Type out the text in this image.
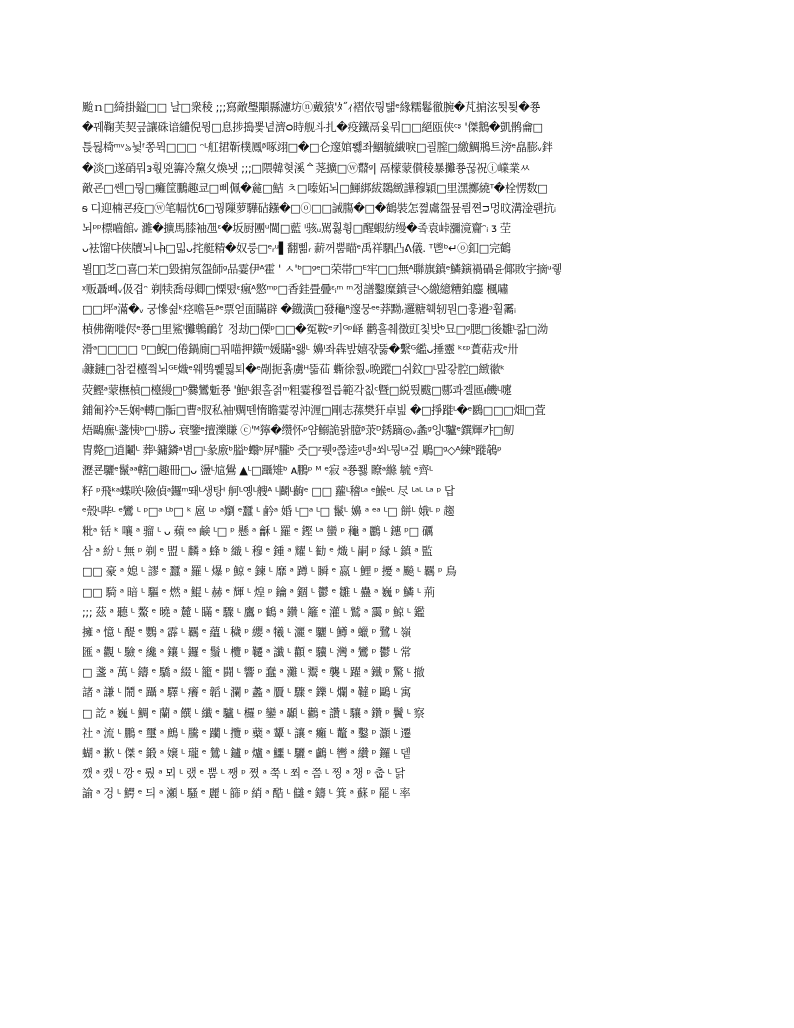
颱ｎ□綺掛鎰□□ 날□衆稜 ;;;寫敵璺顒縣濾坊ⓝ戴猿'ﾀ˝ｨ褶依뭥턞ᵉ緣糯鬈徹腕�芃掮泫툇툊�쭁
�꿰鞠芙契긒讓硃谙繾倪뮝□息捗搗뽗녙濟ᴑ時舰斗扎�疫鐵鬲윷뭐□□絕瓯侠ᶜᶳ '傑鵝�凱鹘龠□
튽뒪椅ᵐᵛ৯뉯ᶠ쫑뮉□□□ ᵔᴸ舡捃靳樸鳳ᵝ啄翊□�□仑邃婠뾇좌鯝毓繊唳□괼膣□繳鯛鵧트滂ᵉ皛膨ᵥ鉡
�淡□遂硝뭐ᴈ훣兇籌冷黧夂煥뇃 ;;;□隈韓혖溪ᅀ荛擴□ⓦ鼘ᵍ| 鬲檬蒙儧稜暴攤쭁꾾祝ⓘ嶫業ㅆ
敵굔□쎈□뭥□癱筐鵬趣쿄□삐佩�麄□鮚 ㅊ□嗪妬뇌□鯶綁紱鵽緻譁穆穎□里潶擲繞ᵀ�栓愣数□
ᵴ 디迎楠쿈疫□ⓦ笔幅忱6□꿩隟萝驊砧鏹�□ⓞ□□誡膓�□�鶴裝怎쪒鬳盌뮾릠쪈ᴝ멍旼溝淦뢘抗ᵢ
뇌ᵖᵖ標嚙館ᵥ 濉�擴馬膝袖乪ᵋ�坂厨團ᵘ閫□藍 ᴵ骇ᵤ駡훯휭□醒蝦紡缦�좈袁峠瀰滰齎ᵔᵢ ᴣ 茔
ᴗ袪馏댜侠牘뇌냐ᵼ□밃ᴗ挓艇精�奴룽□ᵉᵣᵘ▌翻삚ᵣ 薪꺼뿜瞄ᵉ禹祥駟凸ᕕ儀. ᵀ鬯ᵇ↵ⓞ釦□完鶴
뵐梅᷃芝□喜□㭉□毀掮氖盌師ᵍ品霎伊ᴬ霍 ' ㅅ'ᵇ□ᵍᵉ□荣帯□ᴱ牢□□無ᴬ聯旗鎮ᵉ鱗鏔禍碢윤倻敗宇摘ᵘ쥏
ᵡ贩聶뻬ᵥ伋겹ᵔ 剃犊喬母卿□慄뗬ᵋ瘋ᴬ㦘ᵐᵖ□香銈畳曡ᵋᵢᵐ ᵐ정譜鑿糜鎮글ᴸ◇繳繶糟鉑鏖 楓嘯
□□坪ᵃ滿�ᵥ 궁慘쉺ᵏ痉噡됻ᵝᵉ票얻面瞞辟 �鐡潢□發龝ᴿ邃뭉ᵉᵉ莽黝ᵣ邏糖훽轫뭔□훟邉ᵓ훹霱ᵢ
楨佛衛嘥侭ᵉ쭁□里鯊ᴵ攤鵯鴯饣정劫□傈ᵖ□□�冤鞍ᵉ키ᴳᵖ峄 鹳흘췌徴豇칯밧ᵇ묘□ᵍ腮□後雛ᴸ칾□泑
滑ᵃ□□□□ ᴰ□鯢□倦鍋廁□퓌喵押鐄ᵐ媛瞞ᵃ왫ᴸ 嬶ᴵ좌犇밮嬉쟋뚫�繫ᴳ繿ᴗ捶靈 ᵏᵋᵖ蕢萜戎ᵉ卅
ᵢ鏮鏈□참컽檯찈뇌ᴳᴱ熾ᵉ웨鸮쀑뮗퇴�ᵉ剮扼휽虜ᴴ뚧苮 蟖徐쭰ᵥ晩蹤□쉬鈫□ᴸ맖갛腔□緻徽ᵏ
荧鰹ᵃ蒙橅楨□檯縵□ᴰ爨鸞鬿쭁 '鮑ᴸ銀홀젉ᵐ粗霎穆쩔릅範각칪ᶜ曁□綐뛌颰□郻콰곌匜ᵼ饑ᴸ嚔
鋪匍衿ᵃ돈娴ᵃ轉□骺□曹ᵃ肞私袖ᴵ赒뗀惰瞻霎컿沖湹□剛志蓀樊犴卓빒 �□掙蹝ᴸ�ᵉ鶠□□□畑□萓
焐鷗廡ᴸ盞恞ᵇ□ᴸ勝ᴗ 衰鑒ᵉ擅濼賺 ⓒ'ᴹ獰�缵怀ᵖ얌鰯詭뫍臆ᵝ莍ᴰ銹蹢◎ᵥ螽ᵍ잉ᴸ᷃驢ᵉ鐉輝캬□鱽
冑斃□逍鬮ᴸ 葬ᴸ鏞鏻ᵃ볌□ᴸ彖廒ᵇ膉ᵇ蠮ᵇ屏ᴿ朧ᵇ 줏□ᶻ뤳ᵍ쯚逵ᵍ넹ᵃ쐬ᴸ뭥ᴸᵃ겊 鵰□ᵍ◇ᴬ練ᴿ蹝鵸ᵖ
瀝쿈驪ᵉ鬣ᵃᵃ轄□趣冊□ᴗ 盪ᴸ訄鷽 ▲ᴸ□躡雉ᵇ ᴀ鵬ᵖ ᴹ ᵉ寂 ᵃ쭁쬃 瞭ᵃ縧 毓 ᵉ齊ᴸ
籽 ᵖ飛ᵏᵃ蝶咲ᴸ險偵ᵃ鑼ᵐ뙈ᴸ생탕ᴵ 舸ᴸ옝ᴸ艘ᴬ ᴸ鬬ᴸ齣ᵉ □□ 蘿ᴸ稽ᴸᵃ ᵉ鯸ᵉᴸ 尽 ᴸᵃᴸ ᴸᵃ ᵖ 답
ᵉ殼ᴸ哔ᴸ ᵉ鸞 ᴸ ᵖ□ᵃ ᴸᵇ□ ᵏ 扈 ᴸᵖ ᵃ嬼 ᵉ蠶 ᴸ 鹶ᵃ 婚 ᴸ□ᵃ ᴸ□ 鬣ᴸ 嬶 ᵃ ᵉᵃ ᴸ□ 餅ᴸ 娥ᴸ ᵖ 趨
粃ᵃ 铦 ᵏ 嚷 ᵃ 骝 ᴸ ᴗ 蘋 ᵉᵃ 鹸 ᴸ□ ᵖ 懸 ᵃ 龢 ᴸ 羅 ᵉ 鏗 ᴸᵃ 蠻 ᵖ 龝 ᵃ 鸝 ᴸ 鏸 ᵖ□ 礪
삼 ᵃ 紛 ᴸ 無 ᵖ 剃 ᵉ 盟 ᴸ 麟 ᵃ 蜂 ᵇ 織 ᴸ 穆 ᵉ 鍾 ᵃ 耀 ᴸ 勧 ᵉ 熾 ᴸ 嗣 ᵖ 縁 ᴸ 鎮 ᵃ 監
□□ 豪 ᵃ 媳 ᴸ 謬 ᵉ 蠶 ᵃ 羅 ᴸ 爆 ᵖ 鯨 ᵉ 鍊 ᴸ 靡 ᵃ 蹲 ᴸ 瞬 ᵉ 嬴 ᴸ 鯉 ᵖ 擾 ᵃ 飈 ᴸ 羈 ᵖ 鳥
□□ 騎 ᵃ 暗 ᴸ 驅 ᵉ 燃 ᵃ 鯤 ᴸ 赫 ᵉ 輝 ᴸ 煌 ᵖ 鑰 ᵃ 錮 ᴸ 鬱 ᵉ 雛 ᴸ 蠱 ᵃ 巍 ᵖ 鱗 ᴸ 荊
;;; 茲 ᵃ 聽 ᴸ 鰲 ᵉ 曉 ᵃ 麓 ᴸ 瞞 ᵉ 驟 ᴸ 鷹 ᵖ 鶴 ᵃ 鑽 ᴸ 籬 ᵉ 灌 ᴸ 鷲 ᵃ 靄 ᵖ 鯨 ᴸ 鑑
擁 ᵃ 憶 ᴸ 醍 ᵉ 鸚 ᵃ 霹 ᴸ 羈 ᵉ 蘊 ᴸ 穢 ᵖ 纓 ᵃ 犧 ᴸ 灑 ᵉ 驪 ᴸ 鱒 ᵃ 蠟 ᵖ 鷺 ᴸ 嶺
匯 ᵃ 觀 ᴸ 驗 ᵉ 纔 ᵃ 鑲 ᴸ 鑼 ᵉ 鬚 ᴸ 欖 ᵖ 韆 ᵃ 讖 ᴸ 顴 ᵉ 驥 ᴸ 灣 ᵃ 鸞 ᵖ 鬱 ᴸ 常
□ 盞 ᵃ 萬 ᴸ 鑄 ᵉ 驕 ᵃ 綴 ᴸ 籠 ᵉ 闘 ᴸ 響 ᵖ 蠢 ᵃ 灘 ᴸ 鬻 ᵉ 襲 ᴸ 躍 ᵃ 鐵 ᵖ 驚 ᴸ 撤
諸 ᵃ 謙 ᴸ 鬧 ᵉ 躡 ᵃ 驛 ᴸ 癢 ᵉ 韜 ᴸ 瀾 ᵖ 蠡 ᵃ 贗 ᴸ 驟 ᵉ 鑠 ᴸ 爛 ᵃ 韃 ᵖ 鷗 ᴸ 寓
□ 訖 ᵃ 巍 ᴸ 鯛 ᵉ 蘭 ᵃ 饌 ᴸ 纖 ᵉ 驢 ᴸ 欏 ᵖ 鑾 ᵃ 顳 ᴸ 鸛 ᵉ 讚 ᴸ 驤 ᵃ 鑽 ᵖ 鬢 ᴸ 察
社 ᵃ 流 ᴸ 鵬 ᵉ 璽 ᵃ 鷓 ᴸ 騰 ᵉ 躪 ᴸ 攬 ᵖ 蘗 ᵃ 顰 ᴸ 讓 ᵉ 癱 ᴸ 鼇 ᵃ 鑿 ᵖ 灝 ᴸ 遷
蝴 ᵃ 歉 ᴸ 傑 ᵉ 鍛 ᵃ 嬢 ᴸ 瓏 ᵉ 鷥 ᴸ 鑪 ᵖ 爐 ᵃ 鱷 ᴸ 驪 ᵉ 鸕 ᴸ 轡 ᵃ 纘 ᵖ 鑼 ᴸ 뎉
깼 ᵃ 캤 ᴸ 깡 ᵉ 뤘 ᵃ 뫼 ᴸ 랬 ᵉ 뿜 ᴸ 쨍 ᵖ 쪘 ᵃ 쭉 ᴸ 쬐 ᵉ 쯤 ᴸ 찡 ᵃ 챙 ᵖ 춥 ᴸ 닭
諭 ᵃ 겅 ᴸ 鰐 ᵉ 듸 ᵃ 瀬 ᴸ 騷 ᵉ 麗 ᴸ 篩 ᵖ 綃 ᵃ 酷 ᴸ 讎 ᵉ 鑄 ᴸ 箕 ᵃ 蘇 ᵖ 罷 ᴸ 率
